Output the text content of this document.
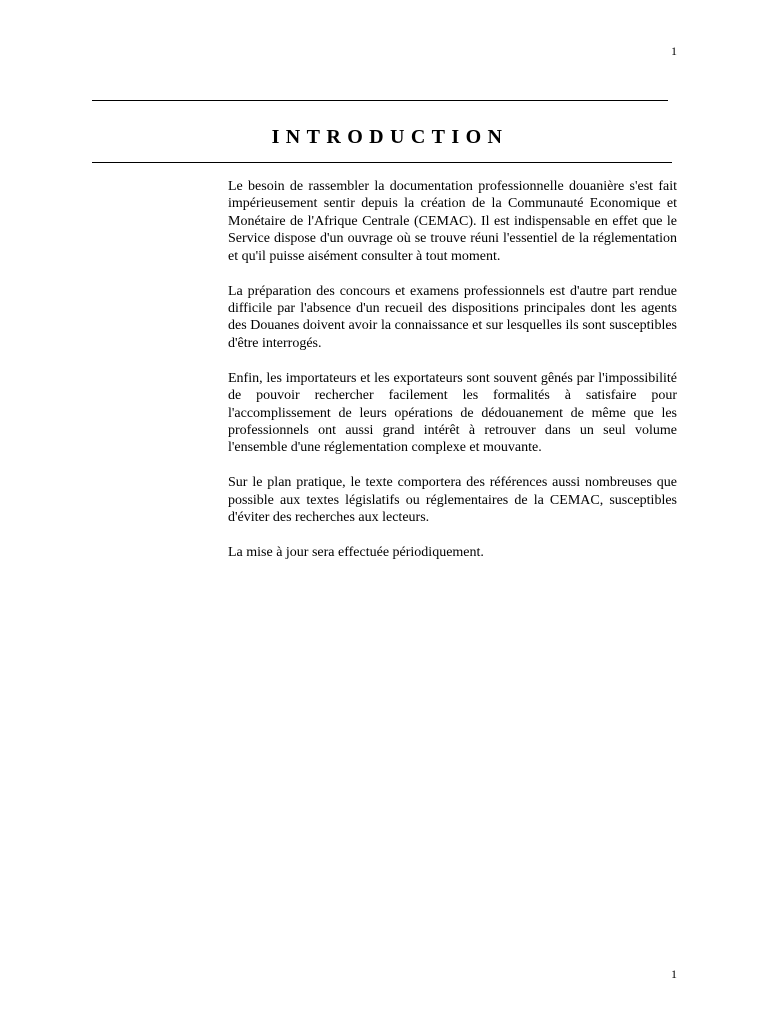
1
INTRODUCTION

Le besoin de rassembler la documentation professionnelle douanière s'est fait impérieusement sentir depuis la création de la Communauté Economique et Monétaire de l'Afrique Centrale (CEMAC). Il est indispensable en effet que le Service dispose d'un ouvrage où se trouve réuni l'essentiel de la réglementation et qu'il puisse aisément consulter à tout moment.

La préparation des concours et examens professionnels est d'autre part rendue difficile par l'absence d'un recueil des dispositions principales dont les agents des Douanes doivent avoir la connaissance et sur lesquelles ils sont susceptibles d'être interrogés.

Enfin, les importateurs et les exportateurs sont souvent gênés par l'impossibilité de pouvoir rechercher facilement les formalités à satisfaire pour l'accomplissement de leurs opérations de dédouanement de même que les professionnels ont aussi grand intérêt à retrouver dans un seul volume l'ensemble d'une réglementation complexe et mouvante.

Sur le plan pratique, le texte comportera des références aussi nombreuses que possible aux textes législatifs ou réglementaires de la CEMAC, susceptibles d'éviter des recherches aux lecteurs.

La mise à jour sera effectuée périodiquement.

1
